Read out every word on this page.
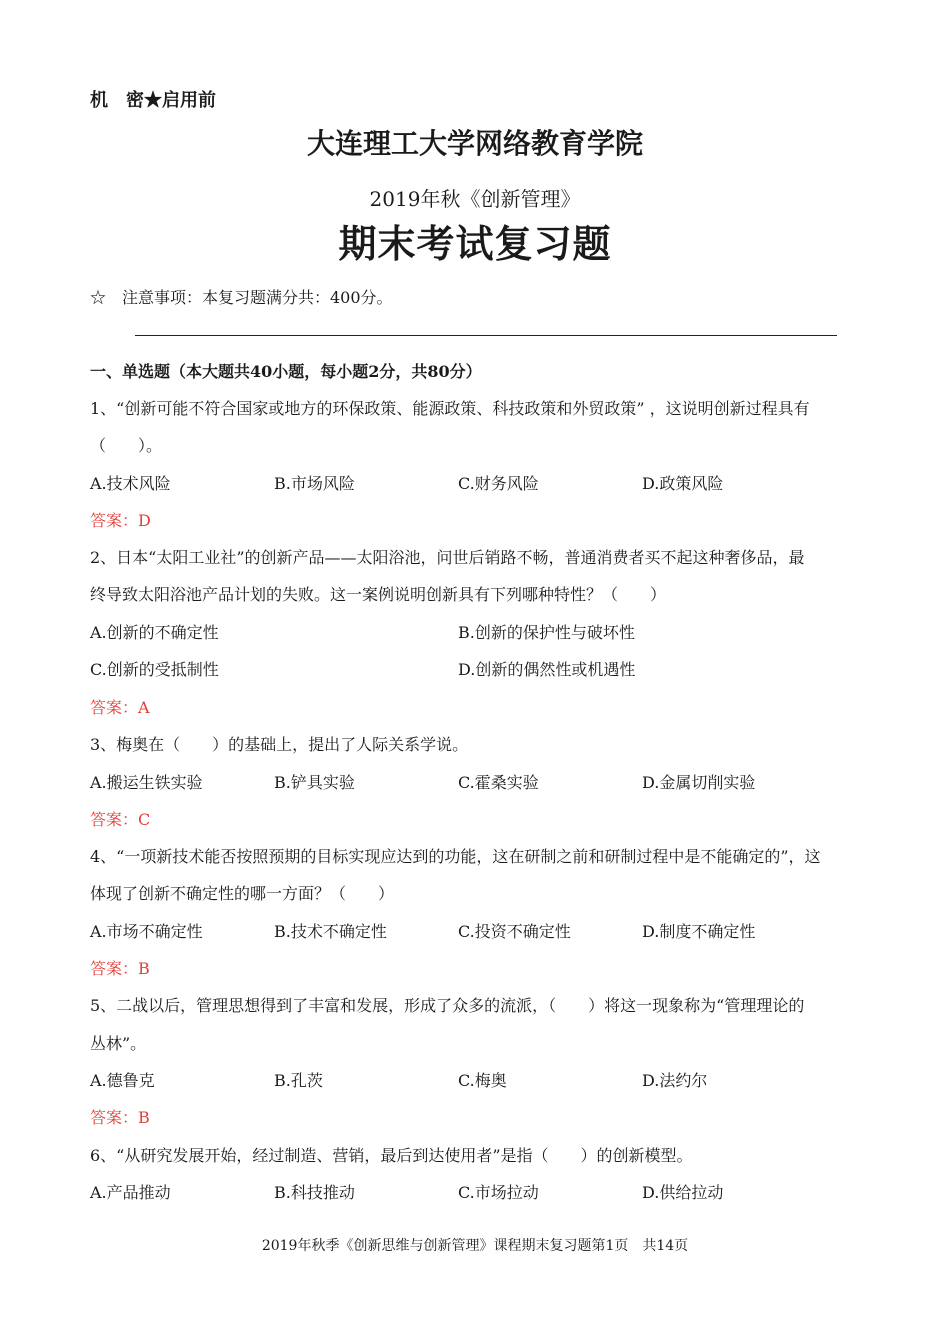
机　密★启用前
大连理工大学网络教育学院
2019年秋《创新管理》
期末考试复习题
☆　注意事项：本复习题满分共：400分。
一、单选题（本大题共40小题，每小题2分，共80分）
1、“创新可能不符合国家或地方的环保政策、能源政策、科技政策和外贸政策” ，这说明创新过程具有
（　　）。
A.技术风险	B.市场风险	C.财务风险	D.政策风险
答案：D
2、日本“太阳工业社”的创新产品——太阳浴池，问世后销路不畅，普通消费者买不起这种奢侈品，最
终导致太阳浴池产品计划的失败。这一案例说明创新具有下列哪种特性？（　　）
A.创新的不确定性	B.创新的保护性与破坏性
C.创新的受抵制性	D.创新的偶然性或机遇性
答案：A
3、梅奥在（　　）的基础上，提出了人际关系学说。
A.搬运生铁实验	B.铲具实验	C.霍桑实验	D.金属切削实验
答案：C
4、“一项新技术能否按照预期的目标实现应达到的功能，这在研制之前和研制过程中是不能确定的”，这
体现了创新不确定性的哪一方面？（　　）
A.市场不确定性	B.技术不确定性	C.投资不确定性	D.制度不确定性
答案：B
5、二战以后，管理思想得到了丰富和发展，形成了众多的流派，（　　）将这一现象称为“管理理论的
丛林”。
A.德鲁克	B.孔茨	C.梅奥	D.法约尔
答案：B
6、“从研究发展开始，经过制造、营销，最后到达使用者”是指（　　）的创新模型。
A.产品推动	B.科技推动	C.市场拉动	D.供给拉动
2019年秋季《创新思维与创新管理》课程期末复习题第1页　共14页
